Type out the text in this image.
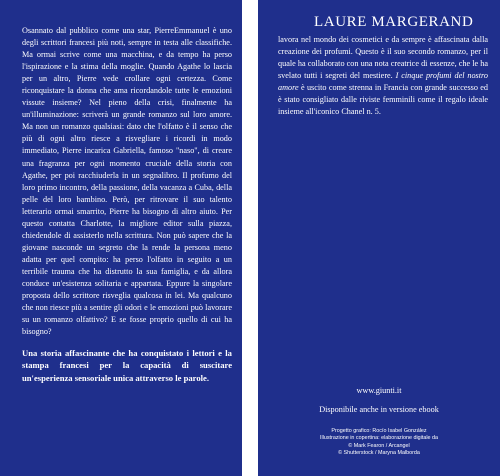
Osannato dal pubblico come una star, PierreEmmanuel è uno degli scrittori francesi più noti, sempre in testa alle classifiche. Ma ormai scrive come una macchina, e da tempo ha perso l'ispirazione e la stima della moglie. Quando Agathe lo lascia per un altro, Pierre vede crollare ogni certezza. Come riconquistare la donna che ama ricordandole tutte le emozioni vissute insieme? Nel pieno della crisi, finalmente ha un'illuminazione: scriverà un grande romanzo sul loro amore. Ma non un romanzo qualsiasi: dato che l'olfatto è il senso che più di ogni altro riesce a risvegliare i ricordi in modo immediato, Pierre incarica Gabriella, famoso "naso", di creare una fragranza per ogni momento cruciale della storia con Agathe, per poi racchiuderla in un segnalibro. Il profumo del loro primo incontro, della passione, della vacanza a Cuba, della pelle del loro bambino. Però, per ritrovare il suo talento letterario ormai smarrito, Pierre ha bisogno di altro aiuto. Per questo contatta Charlotte, la migliore editor sulla piazza, chiedendole di assisterlo nella scrittura. Non può sapere che la giovane nasconde un segreto che la rende la persona meno adatta per quel compito: ha perso l'olfatto in seguito a un terribile trauma che ha distrutto la sua famiglia, e da allora conduce un'esistenza solitaria e appartata. Eppure la singolare proposta dello scrittore risveglia qualcosa in lei. Ma qualcuno che non riesce più a sentire gli odori e le emozioni può lavorare su un romanzo olfattivo? E se fosse proprio quello di cui ha bisogno?

Una storia affascinante che ha conquistato i lettori e la stampa francesi per la capacità di suscitare un'esperienza sensoriale unica attraverso le parole.

LAURE MARGERAND

lavora nel mondo dei cosmetici e da sempre è affascinata dalla creazione dei profumi. Questo è il suo secondo romanzo, per il quale ha collaborato con una nota creatrice di essenze, che le ha svelato tutti i segreti del mestiere. I cinque profumi del nostro amore è uscito come strenna in Francia con grande successo ed è stato consigliato dalle riviste femminili come il regalo ideale insieme all'iconico Chanel n. 5.

www.giunti.it
Disponibile anche in versione ebook
Progetto grafico: Rocío Isabel González
Illustrazione in copertina: elaborazione digitale da
© Mark Fearon / Arcangel
© Shutterstock / Maryna Malborda
